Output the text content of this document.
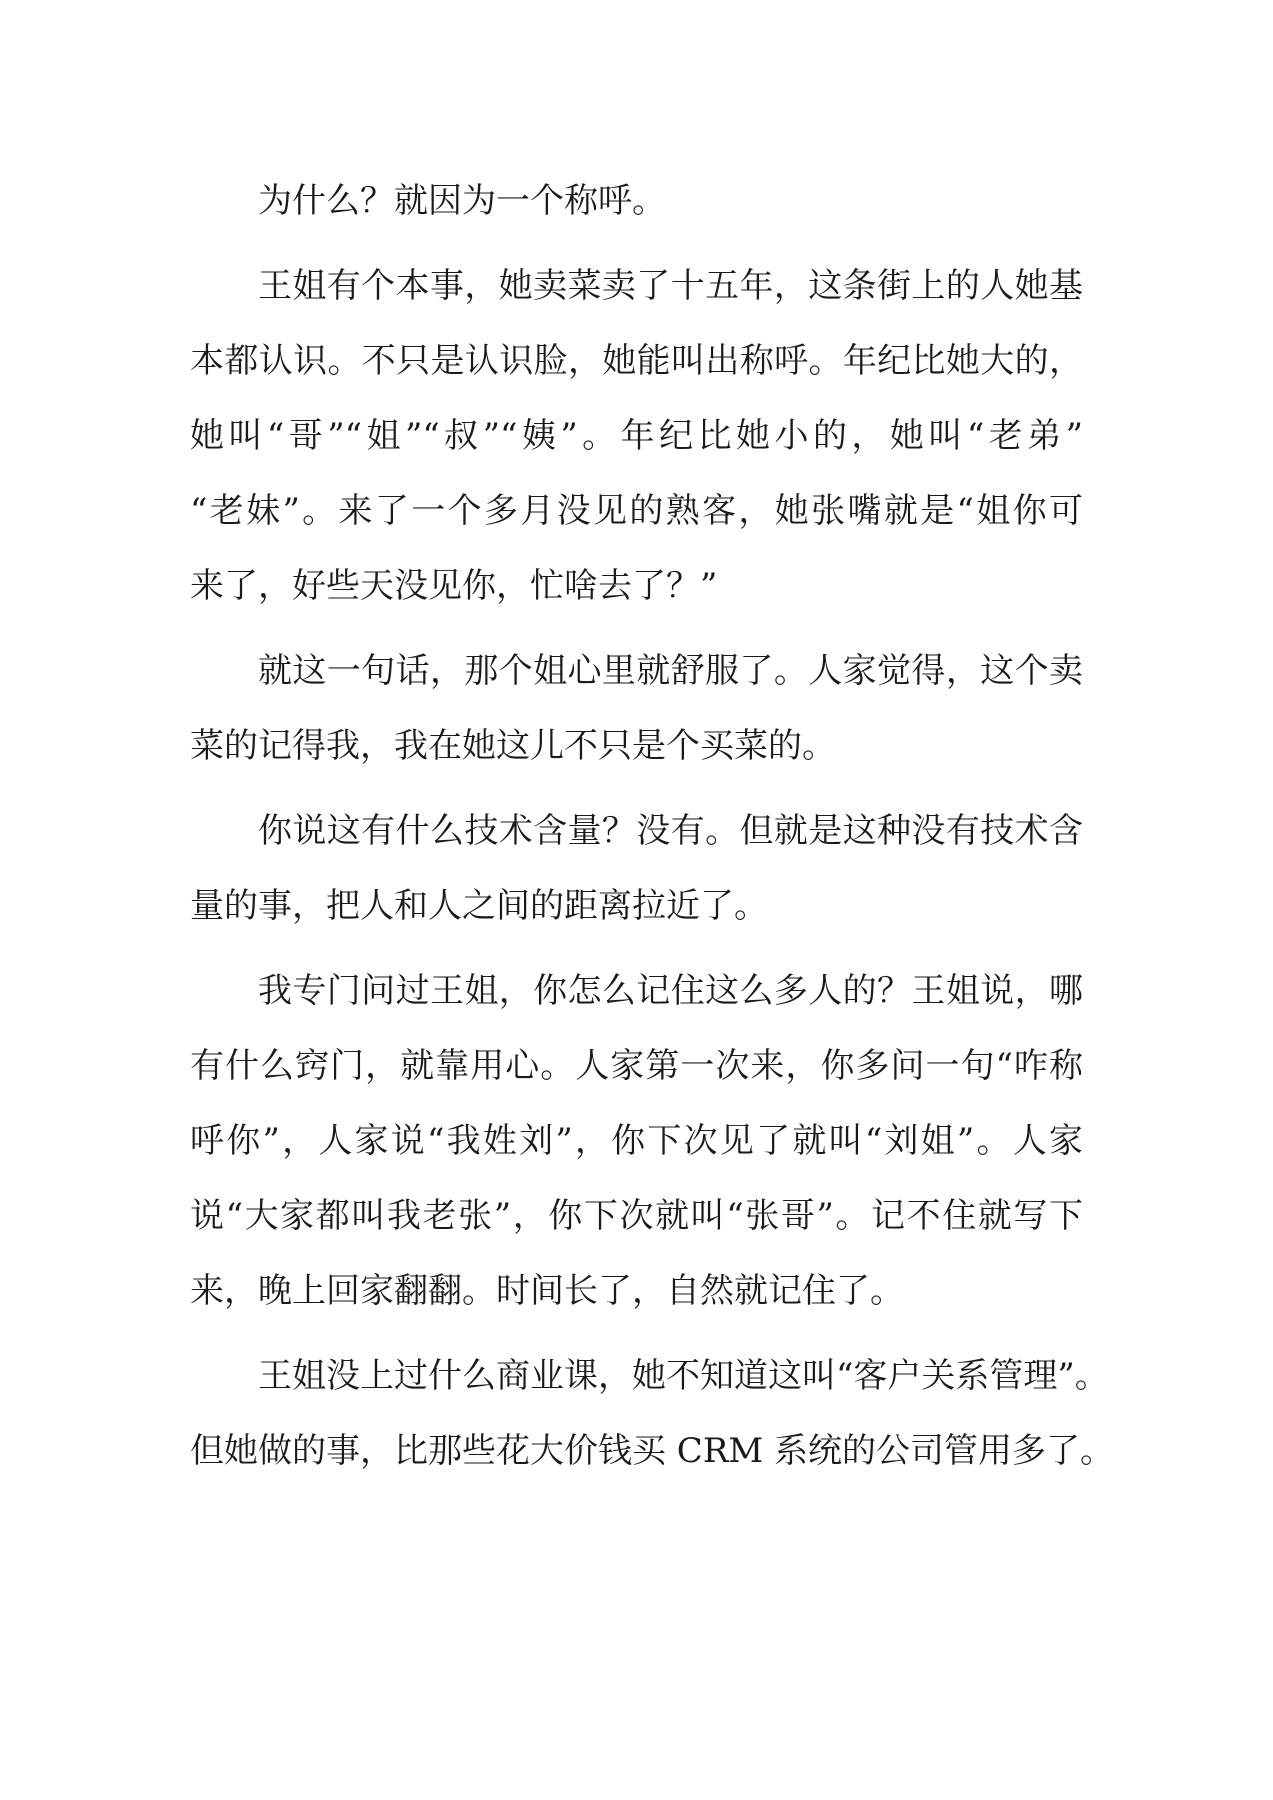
为什么？就因为一个称呼。
王姐有个本事，她卖菜卖了十五年，这条街上的人她基
本都认识。不只是认识脸，她能叫出称呼。年纪比她大的，
她叫“哥”“姐”“叔”“姨”。年纪比她小的，她叫“老弟”
“老妹”。来了一个多月没见的熟客，她张嘴就是“姐你可
来了，好些天没见你，忙啥去了？”
就这一句话，那个姐心里就舒服了。人家觉得，这个卖
菜的记得我，我在她这儿不只是个买菜的。
你说这有什么技术含量？没有。但就是这种没有技术含
量的事，把人和人之间的距离拉近了。
我专门问过王姐，你怎么记住这么多人的？王姐说，哪
有什么窍门，就靠用心。人家第一次来，你多问一句“咋称
呼你”，人家说“我姓刘”，你下次见了就叫“刘姐”。人家
说“大家都叫我老张”，你下次就叫“张哥”。记不住就写下
来，晚上回家翻翻。时间长了，自然就记住了。
王姐没上过什么商业课，她不知道这叫“客户关系管理”。
但她做的事，比那些花大价钱买 CRM 系统的公司管用多了。
